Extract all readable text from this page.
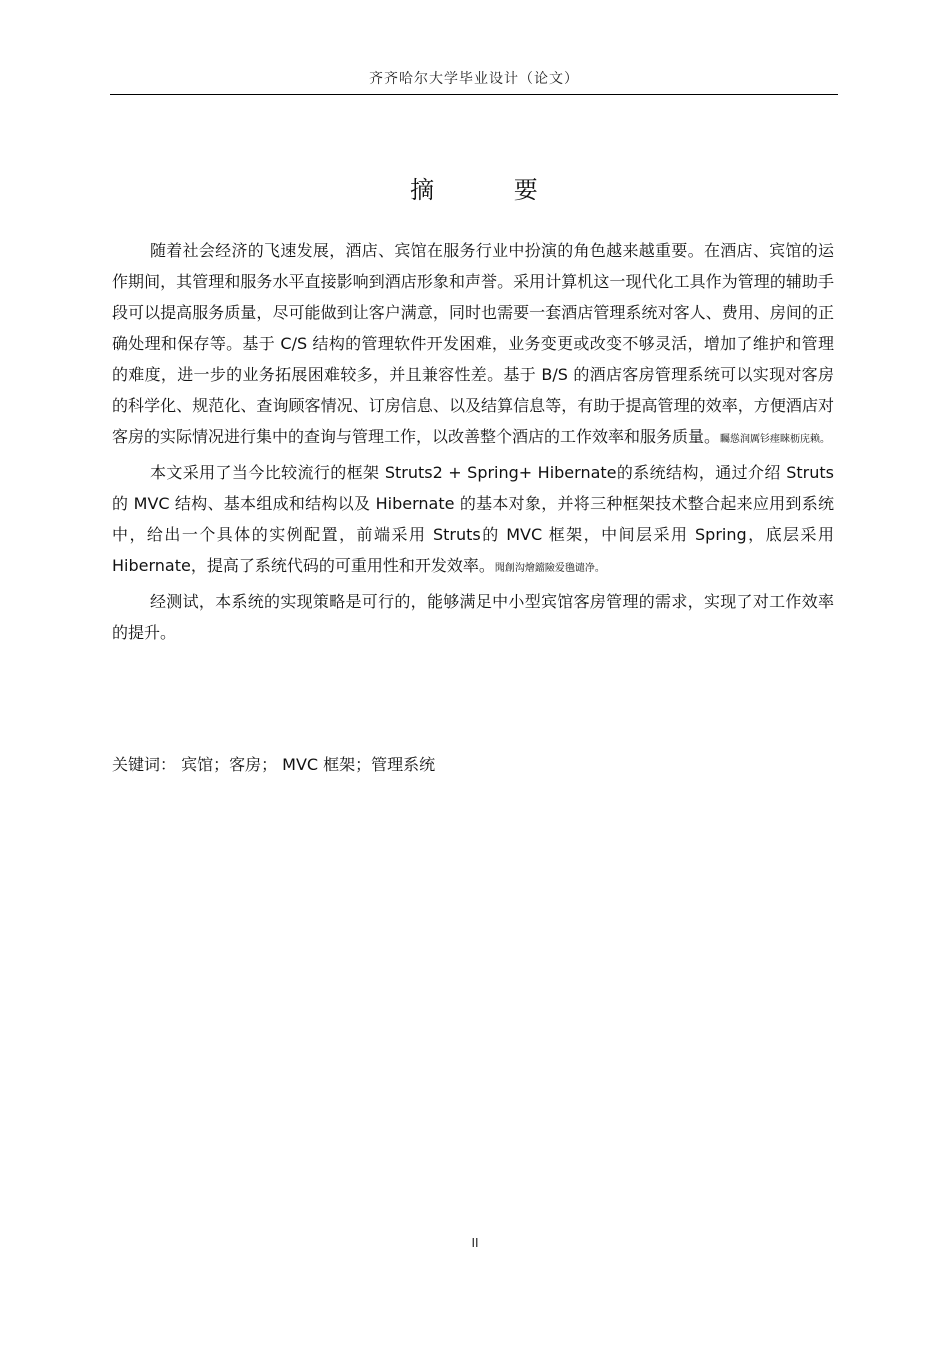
齐齐哈尔大学毕业设计（论文）
摘 要

随着社会经济的飞速发展，酒店、宾馆在服务行业中扮演的角色越来越重要。在酒店、宾馆的运作期间，其管理和服务水平直接影响到酒店形象和声誉。采用计算机这一现代化工具作为管理的辅助手段可以提高服务质量，尽可能做到让客户满意，同时也需要一套酒店管理系统对客人、费用、房间的正确处理和保存等。基于 C/S 结构的管理软件开发困难，业务变更或改变不够灵活，增加了维护和管理的难度，进一步的业务拓展困难较多，并且兼容性差。基于 B/S 的酒店客房管理系统可以实现对客房的科学化、规范化、查询顾客情况、订房信息、以及结算信息等，有助于提高管理的效率，方便酒店对客房的实际情况进行集中的查询与管理工作，以改善整个酒店的工作效率和服务质量。矚慫润厲钐瘗睞枥庑赖。

本文采用了当今比较流行的框架 Struts2 + Spring+ Hibernate的系统结构，通过介绍 Struts的 MVC 结构、基本组成和结构以及 Hibernate 的基本对象，并将三种框架技术整合起来应用到系统中，给出一个具体的实例配置，前端采用 Struts的 MVC 框架，中间层采用 Spring，底层采用 Hibernate，提高了系统代码的可重用性和开发效率。聞創沟燴鐺險爱氇谴净。

经测试，本系统的实现策略是可行的，能够满足中小型宾馆客房管理的需求，实现了对工作效率的提升。

关键词： 宾馆；客房； MVC 框架；管理系统
II
